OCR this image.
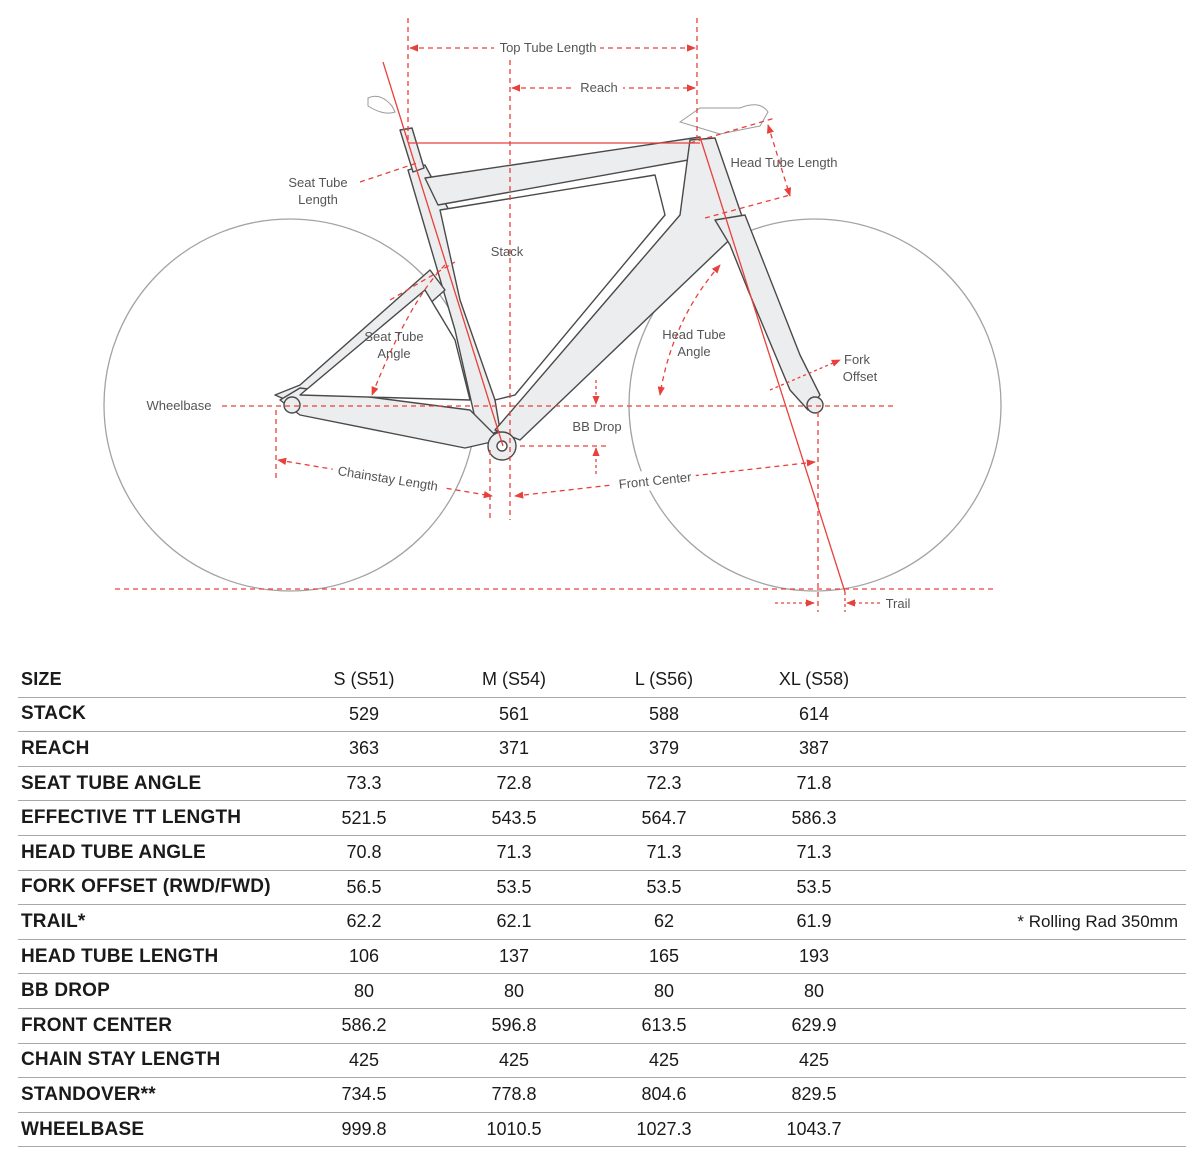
Top Tube Length
Reach
Head Tube Length
Seat Tube
Length
Stack
Seat Tube
Angle
Head Tube
Angle
Fork
Offset
Wheelbase
BB Drop
Chainstay Length	Front Center
Trail
SIZE	S (S51)	M (S54)	L (S56)	XL (S58)	
STACK	529	561	588	614	
REACH	363	371	379	387	
SEAT TUBE ANGLE	73.3	72.8	72.3	71.8	
EFFECTIVE TT LENGTH	521.5	543.5	564.7	586.3	
HEAD TUBE ANGLE	70.8	71.3	71.3	71.3	
FORK OFFSET (RWD/FWD)	56.5	53.5	53.5	53.5	
TRAIL*	62.2	62.1	62	61.9	* Rolling Rad 350mm
HEAD TUBE LENGTH	106	137	165	193	
BB DROP	80	80	80	80	
FRONT CENTER	586.2	596.8	613.5	629.9	
CHAIN STAY LENGTH	425	425	425	425	
STANDOVER**	734.5	778.8	804.6	829.5	
WHEELBASE	999.8	1010.5	1027.3	1043.7	
